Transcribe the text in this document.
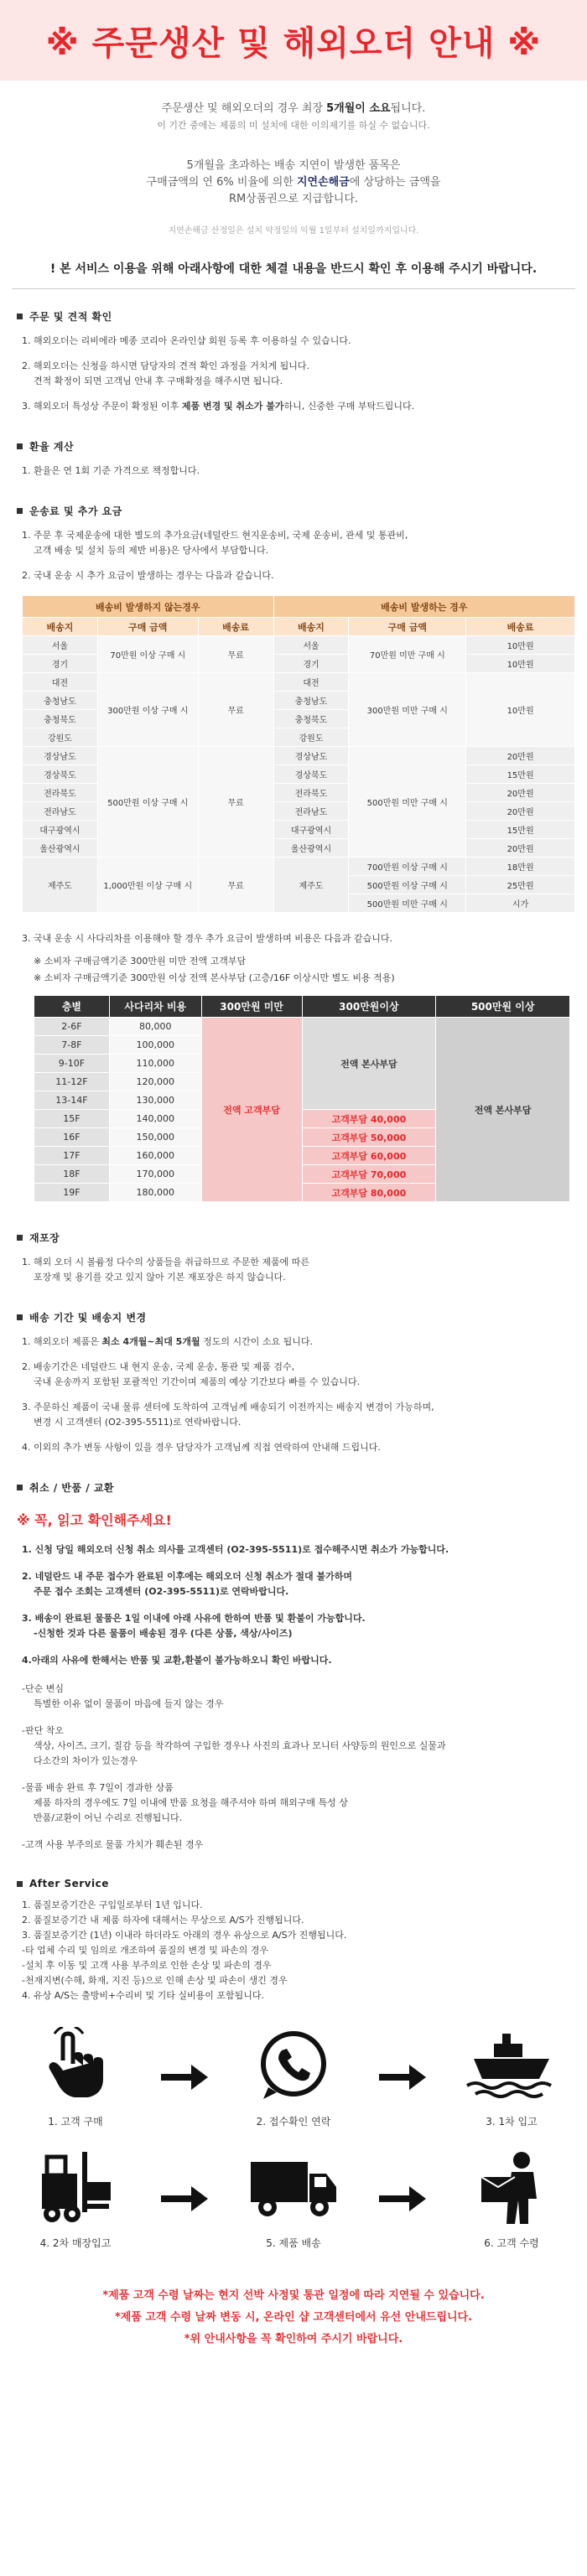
※ 주문생산 및 해외오더 안내 ※

주문생산 및 해외오더의 경우 최장 5개월이 소요됩니다.

이 기간 중에는 제품의 미 설치에 대한 이의제기를 하실 수 없습니다.

5개월을 초과하는 배송 지연이 발생한 품목은

구매금액의 연 6% 비율에 의한 지연손해금에 상당하는 금액을

RM상품권으로 지급합니다.

지연손해금 산정일은 설치 약정일의 익월 1일부터 설치일까지입니다.

! 본 서비스 이용을 위해 아래사항에 대한 체결 내용을 반드시 확인 후 이용해 주시기 바랍니다.
주문 및 견적 확인
1. 해외오더는 리비에라 메종 코리아 온라인샵 회원 등록 후 이용하실 수 있습니다.
2. 해외오더는 신청을 하시면 담당자의 견적 확인 과정을 거치게 됩니다.
견적 확정이 되면 고객님 안내 후 구매확정을 해주시면 됩니다.
3. 해외오더 특성상 주문이 확정된 이후 제품 변경 및 취소가 불가하니, 신중한 구매 부탁드립니다.
환율 계산
1. 환율은 연 1회 기준 가격으로 책정합니다.
운송료 및 추가 요금
1. 주문 후 국제운송에 대한 별도의 추가요금(네덜란드 현지운송비, 국제 운송비, 관세 및 통관비,
고객 배송 및 설치 등의 제반 비용)은 당사에서 부담합니다.
2. 국내 운송 시 추가 요금이 발생하는 경우는 다음과 같습니다.
배송비 발생하지 않는경우			배송비 발생하는 경우		
배송지	구매 금액	배송료	배송지	구매 금액	배송료
서울	70만원 이상 구매 시	무료	서울	70만원 미만 구매 시	10만원
경기			경기		10만원
대전	300만원 이상 구매 시	무료	대전	300만원 미만 구매 시	10만원
충청남도			충청남도		
충청북도			충청북도		
강원도			강원도		
경상남도	500만원 이상 구매 시	무료	경상남도	500만원 미만 구매 시	20만원
경상북도			경상북도		15만원
전라북도			전라북도		20만원
전라남도			전라남도		20만원
대구광역시			대구광역시		15만원
울산광역시			울산광역시		20만원
제주도	1,000만원 이상 구매 시	무료	제주도	700만원 이상 구매 시	18만원
				500만원 이상 구매 시	25만원
				500만원 미만 구매 시	시가
3. 국내 운송 시 사다리차를 이용해야 할 경우 추가 요금이 발생하며 비용은 다음과 같습니다.
※ 소비자 구매금액기준 300만원 미만 전액 고객부담
※ 소비자 구매금액기준 300만원 이상 전액 본사부담 (고층/16F 이상시만 별도 비용 적용)
층별	사다리차 비용	300만원 미만	300만원이상	500만원 이상
2-6F	80,000	전액 고객부담	전액 본사부담	전액 본사부담
7-8F	100,000			
9-10F	110,000			
11-12F	120,000			
13-14F	130,000			
15F	140,000		고객부담 40,000	
16F	150,000		고객부담 50,000	
17F	160,000		고객부담 60,000	
18F	170,000		고객부담 70,000	
19F	180,000		고객부담 80,000	
재포장
1. 해외 오더 시 볼륨정 다수의 상품들을 취급하므로 주문한 제품에 따른
포장재 및 용기를 갖고 있지 않아 기본 재포장은 하지 않습니다.
배송 기간 및 배송지 변경
1. 해외오더 제품은 최소 4개월~최대 5개월 정도의 시간이 소요 됩니다.
2. 배송기간은 네덜란드 내 현지 운송, 국제 운송, 통관 및 제품 검수,
국내 운송까지 포함된 포괄적인 기간이며 제품의 예상 기간보다 빠를 수 있습니다.
3. 주문하신 제품이 국내 물류 센터에 도착하여 고객님께 배송되기 이전까지는 배송지 변경이 가능하며,
변경 시 고객센터 (O2-395-5511)로 연락바랍니다.
4. 이외의 추가 변동 사항이 있을 경우 담당자가 고객님께 직접 연락하여 안내해 드립니다.
취소 / 반품 / 교환
※ 꼭, 읽고 확인해주세요!
1. 신청 당일 해외오더 신청 취소 의사를 고객센터 (O2-395-5511)로 접수해주시면 취소가 가능합니다.
2. 네덜란드 내 주문 접수가 완료된 이후에는 해외오더 신청 취소가 절대 불가하며
주문 접수 조회는 고객센터 (O2-395-5511)로 연락바랍니다.
3. 배송이 완료된 물품은 1일 이내에 아래 사유에 한하여 반품 및 환불이 가능합니다.
-신청한 것과 다른 물품이 배송된 경우 (다른 상품, 색상/사이즈)
4.아래의 사유에 한해서는 반품 및 교환,환불이 불가능하오니 확인 바랍니다.
-단순 변심
특별한 이유 없이 물품이 마음에 들지 않는 경우
-판단 착오
색상, 사이즈, 크기, 질감 등을 착각하여 구입한 경우나 사진의 효과나 모니터 사양등의 원인으로 실물과
다소간의 차이가 있는경우
-물품 배송 완료 후 7일이 경과한 상품
제품 하자의 경우에도 7일 이내에 반품 요청을 해주셔야 하며 해외구매 특성 상
반품/교환이 어닌 수리로 진행됩니다.
-고객 사용 부주의로 물품 가치가 훼손된 경우
After Service
1. 품질보증기간은 구입일로부터 1년 입니다.
2. 품질보증기간 내 제품 하자에 대해서는 무상으로 A/S가 진행됩니다.
3. 품질보증기간 (1년) 이내라 하더라도 아래의 경우 유상으로 A/S가 진행됩니다.
-타 업체 수리 및 임의로 개조하여 품질의 변경 및 파손의 경우
-설치 후 이동 및 고객 사용 부주의로 인한 손상 및 파손의 경우
-천재지변(수해, 화재, 지진 등)으로 인해 손상 및 파손이 생긴 경우
4. 유상 A/S는 출방비+수리비 및 기타 실비용이 포함됩니다.
1. 고객 구매	2. 접수확인 연락	3. 1차 입고
4. 2차 매장입고	5. 제품 배송	6. 고객 수령

*제품 고객 수령 날짜는 현지 선박 사정및 통관 일정에 따라 지연될 수 있습니다.

*제품 고객 수령 날짜 변동 시, 온라인 샵 고객센터에서 유선 안내드립니다.

*위 안내사항을 꼭 확인하여 주시기 바랍니다.
